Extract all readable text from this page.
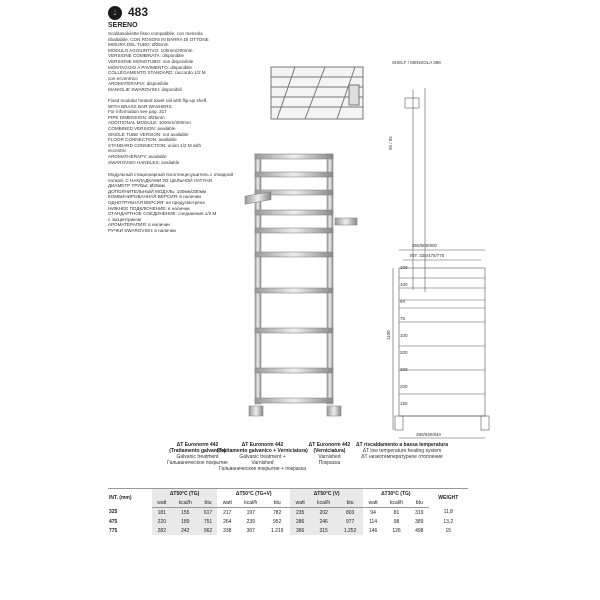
💧︎ 483
SERENO
Scaldasalviette fisso compatibile, con mensola
ribaltabile, CON ROSONI IN BARRA DI OTTONE
MISURA DEL TUBO: Ø25mm
MODULO AGGIUNTIVO: 100mm/200mm
VERSIONE COMBINATA: disponibile
VERSIONE MONOTUBO: non disponibile
MONTAGGIO A PAVIMENTO: disponibile
COLLEGAMENTO STANDARD: raccordo 1/2 M
con eccentrico
AROMATERAPIA: disponibile
MANIGLIE SWAROVSKI: disponibili
Fixed modular heated towel rail with flip-up shelf,
WITH BRASS BAR WASHERS.
For information see pag. 317
PIPE DIMENSION: Ø25mm
ADDITIONAL MODULE: 100mm/200mm
COMBINED VERSION: available
SINGLE TUBE VERSION: not available
FLOOR CONNECTION: available
STANDARD CONNECTION: union 1/2 M with
eccentric
AROMATHERAPY: available
SWAROVSKI HANDLES: available
Модульный стационарный полотенцесушитель с откидной
полкой, С НАКЛАДКАМИ ИЗ ЦЕЛЬНОЙ ЛАТУНИ.
ДИАМЕТР ТРУБЫ: Ø25мм
ДОПОЛНИТЕЛЬНЫЙ МОДУЛЬ: 100мм/200мм
КОМБИНИРОВАННАЯ ВЕРСИЯ: в наличии
ОДНОТРУБНАЯ ВЕРСИЯ: не предусмотрена
НИЖНЕЕ ПОДКЛЮЧЕНИЕ: в наличии
СТАНДАРТНОЕ СОЕДИНЕНИЕ: соединение 1/2 М
с эксцентриком
АРОМАТЕРАПИЯ: в наличии
РУЧКИ SWAROVSKI: в наличии
SHELF / MENSOLA 398
95 / 55
350/500/800
INT. 325/475/775
390/540/840
1100
100
100
94
75
100
200
200
200
150
ΔT Euronorm 442
(Trattamento galvanico)
Galvanic treatment
Гальваническое покрытие
ΔT Euronorm 442
(Trattamento galvanico + Verniciatura)
Galvanic treatment +
Varnished
Гальваническое покрытие + покраска
ΔT Euronorm 442
(Verniciatura)
Varnished
Покраска
ΔT riscaldamento a bassa temperatura
ΔT low temperature heating system
ΔT низкотемпературное отопление
INT. (mm)	ΔT50°C (TG)			ΔT50°C (TG+V)			ΔT50°C (V)			ΔT30°C (TG)			WEIGHT
	watt	kcal/h	btu	watt	kcal/h	btu	watt	kcal/h	btu	watt	kcal/h	btu	
325	181	155	617	217	197	782	235	202	803	94	81	319	11,8
475	220	189	751	264	239	952	286	246	977	114	98	389	13,2
775	282	242	962	338	307	1.219	366	315	1.252	146	126	498	15
